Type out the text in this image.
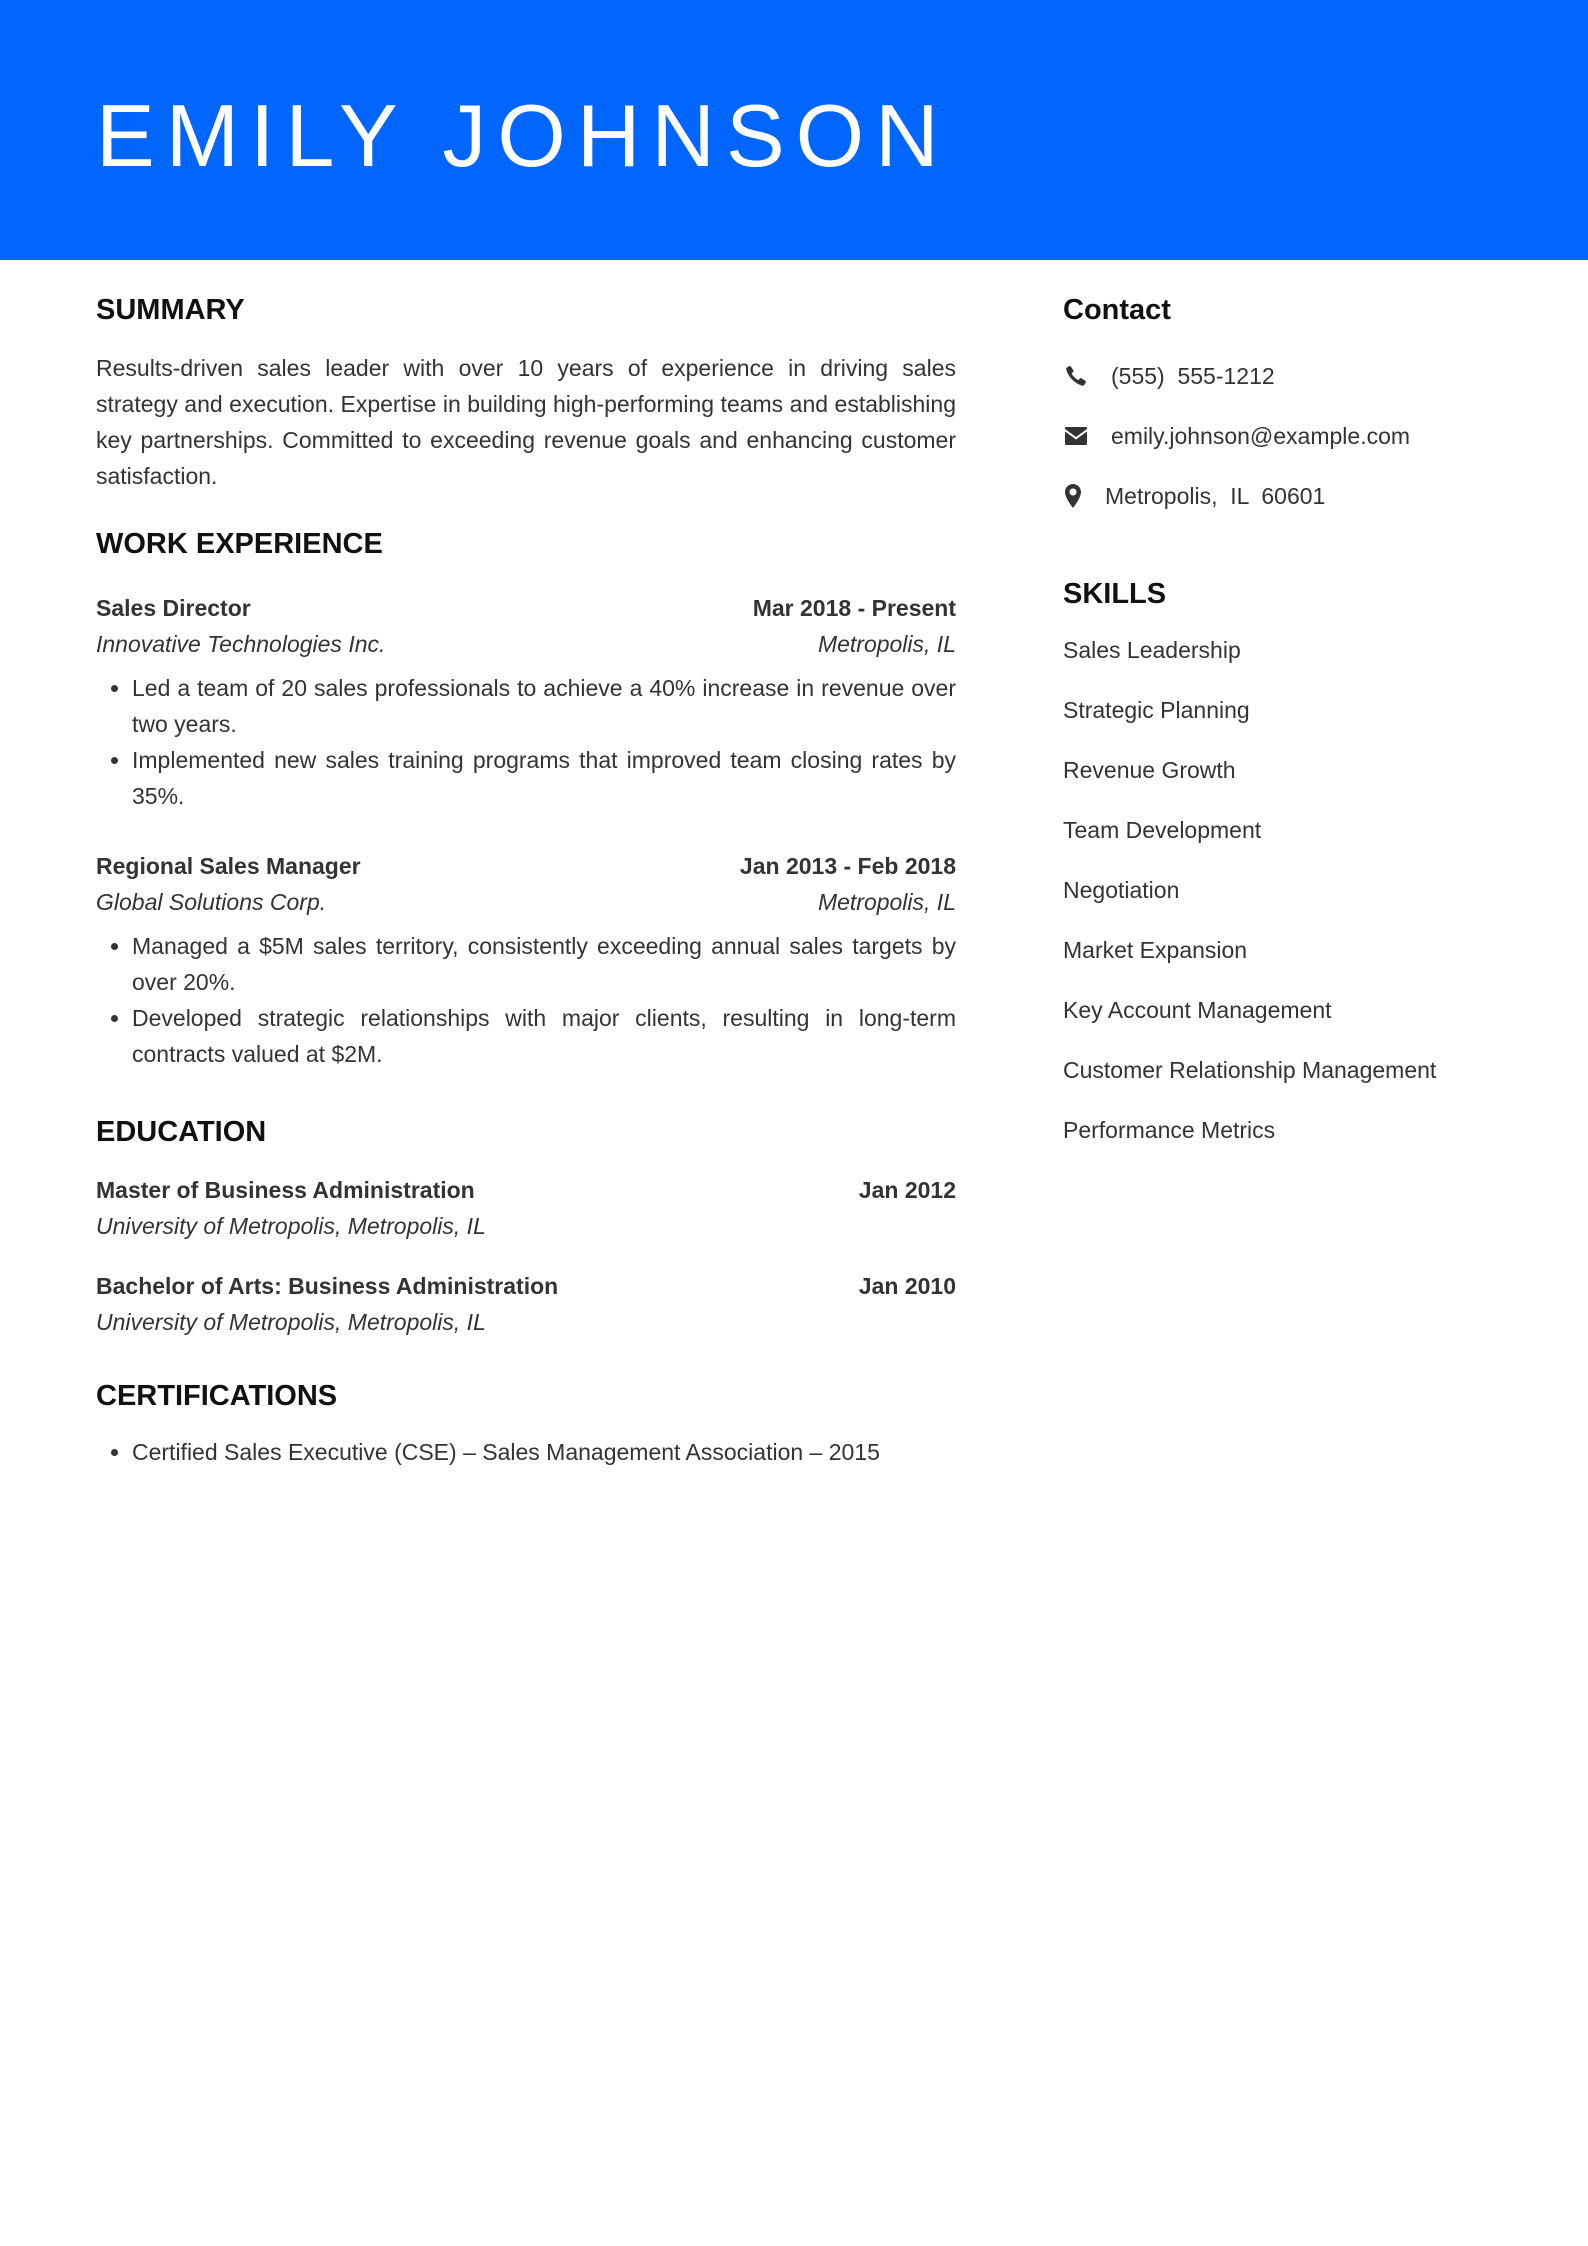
EMILY JOHNSON
SUMMARY

Results-driven sales leader with over 10 years of experience in driving sales strategy and execution. Expertise in building high-performing teams and establishing key partnerships. Committed to exceeding revenue goals and enhancing customer satisfaction.

WORK EXPERIENCE
Sales Director	Mar 2018 - Present
Innovative Technologies Inc.	Metropolis, IL
• Led a team of 20 sales professionals to achieve a 40% increase in revenue over two years.
• Implemented new sales training programs that improved team closing rates by 35%.
Regional Sales Manager	Jan 2013 - Feb 2018
Global Solutions Corp.	Metropolis, IL
• Managed a $5M sales territory, consistently exceeding annual sales targets by over 20%.
• Developed strategic relationships with major clients, resulting in long-term contracts valued at $2M.
EDUCATION
Master of Business Administration	Jan 2012
University of Metropolis, Metropolis, IL
Bachelor of Arts: Business Administration	Jan 2010
University of Metropolis, Metropolis, IL
CERTIFICATIONS
• Certified Sales Executive (CSE) – Sales Management Association – 2015
Contact
(555)  555-1212
emily.johnson@example.com
Metropolis,  IL  60601
SKILLS
Sales Leadership
Strategic Planning
Revenue Growth
Team Development
Negotiation
Market Expansion
Key Account Management
Customer Relationship Management
Performance Metrics
